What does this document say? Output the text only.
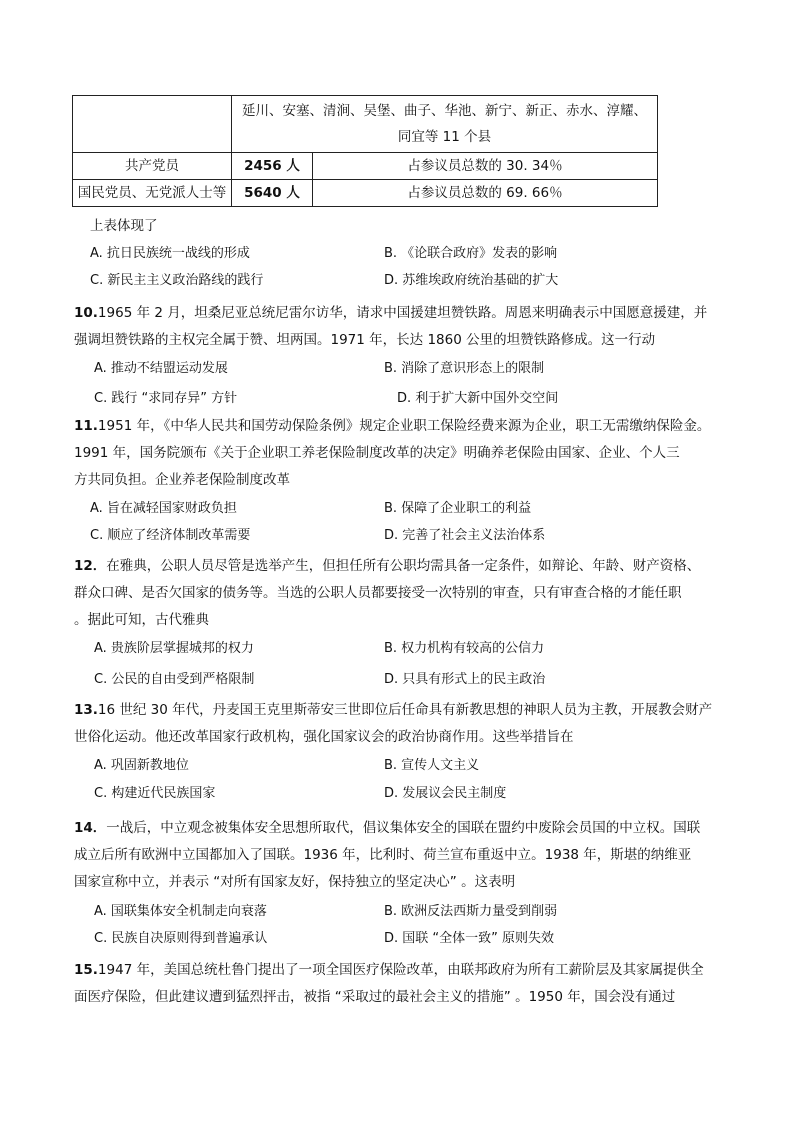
	延川、安塞、清涧、吴堡、曲子、华池、新宁、新正、赤水、淳耀、
同宜等 11 个县	

共产党员	2456 人	占参议员总数的 30. 34％
国民党员、无党派人士等	5640 人	占参议员总数的 69. 66％
上表体现了
A. 抗日民族统一战线的形成	B. 《论联合政府》发表的影响
C. 新民主主义政治路线的践行	D. 苏维埃政府统治基础的扩大
10.1965 年 2 月，坦桑尼亚总统尼雷尔访华，请求中国援建坦赞铁路。周恩来明确表示中国愿意援建，并
强调坦赞铁路的主权完全属于赞、坦两国。1971 年，长达 1860 公里的坦赞铁路修成。这一行动
A. 推动不结盟运动发展	B. 消除了意识形态上的限制
C. 践行 “求同存异” 方针	D. 利于扩大新中国外交空间
11.1951 年，《中华人民共和国劳动保险条例》规定企业职工保险经费来源为企业，职工无需缴纳保险金。
1991 年，国务院颁布《关于企业职工养老保险制度改革的决定》明确养老保险由国家、企业、个人三
方共同负担。企业养老保险制度改革
A. 旨在减轻国家财政负担	B. 保障了企业职工的利益
C. 顺应了经济体制改革需要	D. 完善了社会主义法治体系
12．在雅典，公职人员尽管是选举产生，但担任所有公职均需具备一定条件，如辩论、年龄、财产资格、
群众口碑、是否欠国家的债务等。当选的公职人员都要接受一次特别的审查，只有审查合格的才能任职
。据此可知，古代雅典
A. 贵族阶层掌握城邦的权力	B. 权力机构有较高的公信力
C. 公民的自由受到严格限制	D. 只具有形式上的民主政治
13.16 世纪 30 年代，丹麦国王克里斯蒂安三世即位后任命具有新教思想的神职人员为主教，开展教会财产
世俗化运动。他还改革国家行政机构，强化国家议会的政治协商作用。这些举措旨在
A. 巩固新教地位	B. 宣传人文主义
C. 构建近代民族国家	D. 发展议会民主制度
14．一战后，中立观念被集体安全思想所取代，倡议集体安全的国联在盟约中废除会员国的中立权。国联
成立后所有欧洲中立国都加入了国联。1936 年，比利时、荷兰宣布重返中立。1938 年，斯堪的纳维亚
国家宣称中立，并表示 “对所有国家友好，保持独立的坚定决心” 。这表明
A. 国联集体安全机制走向衰落	B. 欧洲反法西斯力量受到削弱
C. 民族自决原则得到普遍承认	D. 国联 “全体一致” 原则失效
15.1947 年，美国总统杜鲁门提出了一项全国医疗保险改革，由联邦政府为所有工薪阶层及其家属提供全
面医疗保险，但此建议遭到猛烈抨击，被指 “采取过的最社会主义的措施” 。1950 年，国会没有通过
